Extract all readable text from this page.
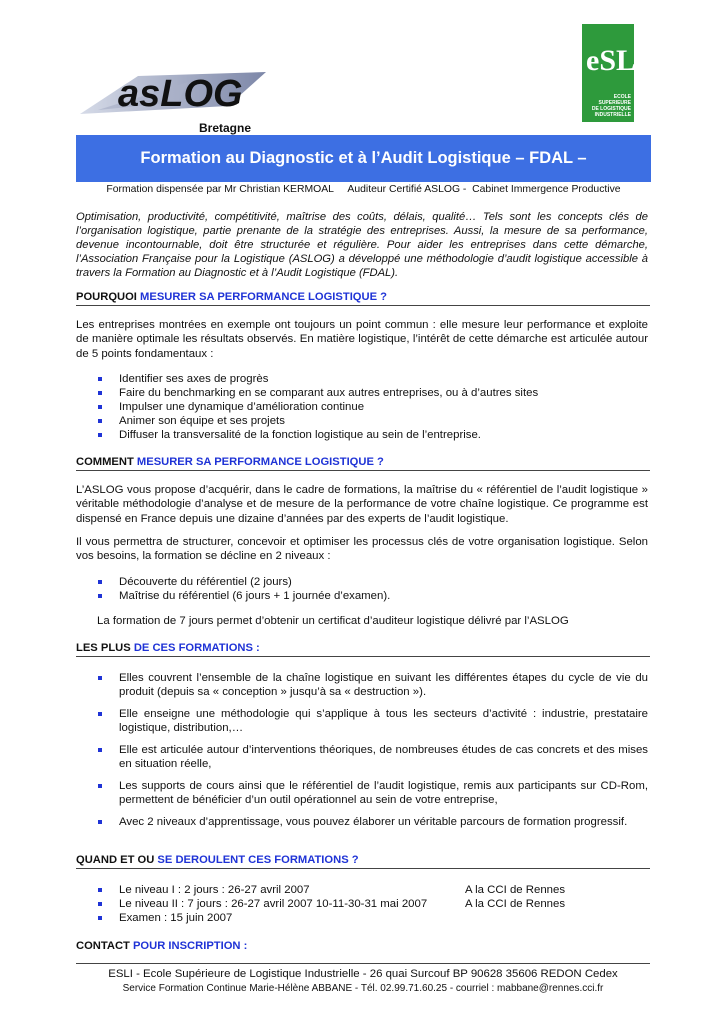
asLOG
Bretagne
eSLi
ECOLE SUPERIEURE
DE LOGISTIQUE
INDUSTRIELLE
Formation au Diagnostic et à l’Audit Logistique – FDAL –
Formation dispensée par Mr Christian KERMOAL     Auditeur Certifié ASLOG -  Cabinet Immergence Productive
Optimisation, productivité, compétitivité, maîtrise des coûts, délais, qualité… Tels sont les concepts clés de l’organisation logistique, partie prenante de la stratégie des entreprises. Aussi, la mesure de sa performance, devenue incontournable, doit être structurée et régulière. Pour aider les entreprises dans cette démarche, l’Association Française pour la Logistique (ASLOG) a développé une méthodologie d’audit logistique accessible à travers la Formation au Diagnostic et à l’Audit Logistique (FDAL).
POURQUOI MESURER SA PERFORMANCE LOGISTIQUE ?
Les entreprises montrées en exemple ont toujours un point commun : elle mesure leur performance et exploite de manière optimale les résultats observés. En matière logistique, l’intérêt de cette démarche est articulée autour de 5 points fondamentaux :
Identifier ses axes de progrès
Faire du benchmarking en se comparant aux autres entreprises, ou à d’autres sites
Impulser une dynamique d’amélioration continue
Animer son équipe et ses projets
Diffuser la transversalité de la fonction logistique au sein de l’entreprise.
COMMENT MESURER SA PERFORMANCE LOGISTIQUE ?
L’ASLOG vous propose d’acquérir, dans le cadre de formations, la maîtrise du « référentiel de l’audit logistique » véritable méthodologie d’analyse et de mesure de la performance de votre chaîne logistique. Ce programme est dispensé en France depuis une dizaine d’années par des experts de l’audit logistique.
Il vous permettra de structurer, concevoir et optimiser les processus clés de votre organisation logistique. Selon vos besoins, la formation se décline en 2 niveaux :
Découverte du référentiel (2 jours)
Maîtrise du référentiel (6 jours + 1 journée d’examen).
La formation de 7 jours permet d’obtenir un certificat d’auditeur logistique délivré par l’ASLOG
LES PLUS DE CES FORMATIONS :
Elles couvrent l’ensemble de la chaîne logistique en suivant les différentes étapes du cycle de vie du produit (depuis sa « conception » jusqu’à sa « destruction »).
Elle enseigne une méthodologie qui s’applique à tous les secteurs d’activité : industrie, prestataire logistique, distribution,…
Elle est articulée autour d’interventions théoriques, de nombreuses études de cas concrets et des mises en situation réelle,
Les supports de cours ainsi que le référentiel de l’audit logistique, remis aux participants sur CD-Rom, permettent de bénéficier d’un outil opérationnel au sein de votre entreprise,
Avec 2 niveaux d’apprentissage, vous pouvez élaborer un véritable parcours de formation progressif.
QUAND ET OU SE DEROULENT CES FORMATIONS ?
Le niveau I : 2 jours : 26-27 avril 2007	A la CCI de Rennes
Le niveau II : 7 jours : 26-27 avril 2007 10-11-30-31 mai 2007	A la CCI de Rennes
Examen : 15 juin 2007
CONTACT POUR INSCRIPTION :
ESLI - Ecole Supérieure de Logistique Industrielle - 26 quai Surcouf BP 90628 35606 REDON Cedex
Service Formation Continue Marie-Hélène ABBANE - Tél. 02.99.71.60.25 - courriel : mabbane@rennes.cci.fr
